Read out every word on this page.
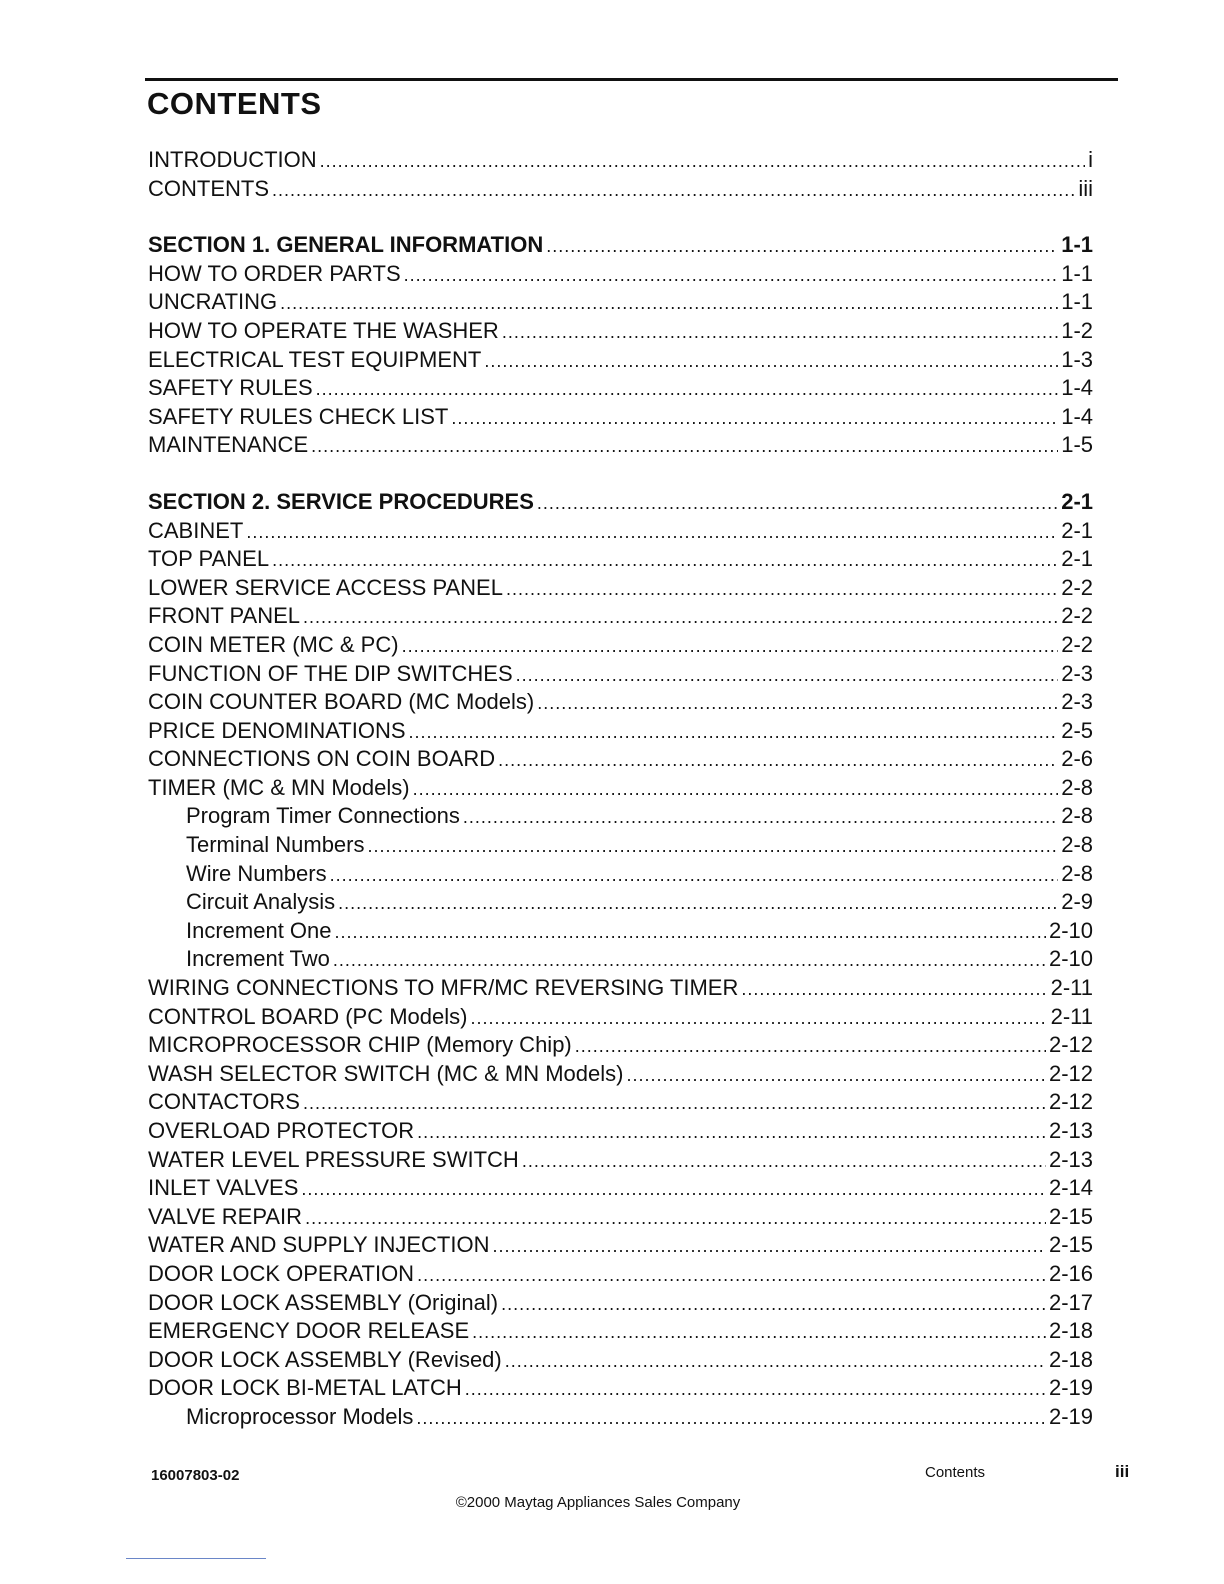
CONTENTS
INTRODUCTION . . .	i
CONTENTS . . .	iii
SECTION 1. GENERAL INFORMATION . . .	1-1
HOW TO ORDER PARTS . . .	1-1
UNCRATING . . .	1-1
HOW TO OPERATE THE WASHER . . .	1-2
ELECTRICAL TEST EQUIPMENT . . .	1-3
SAFETY RULES . . .	1-4
SAFETY RULES CHECK LIST . . .	1-4
MAINTENANCE . . .	1-5
SECTION 2. SERVICE PROCEDURES . . .	2-1
CABINET . . .	2-1
TOP PANEL . . .	2-1
LOWER SERVICE ACCESS PANEL . . .	2-2
FRONT PANEL . . .	2-2
COIN METER (MC & PC) . . .	2-2
FUNCTION OF THE DIP SWITCHES . . .	2-3
COIN COUNTER BOARD (MC Models) . . .	2-3
PRICE DENOMINATIONS . . .	2-5
CONNECTIONS ON COIN BOARD . . .	2-6
TIMER (MC & MN Models) . . .	2-8
Program Timer Connections . . .	2-8
Terminal Numbers . . .	2-8
Wire Numbers . . .	2-8
Circuit Analysis . . .	2-9
Increment One . . .	2-10
Increment Two . . .	2-10
WIRING CONNECTIONS TO MFR/MC REVERSING TIMER . . .	2-11
CONTROL BOARD (PC Models) . . .	2-11
MICROPROCESSOR CHIP (Memory Chip) . . .	2-12
WASH SELECTOR SWITCH (MC & MN Models) . . .	2-12
CONTACTORS . . .	2-12
OVERLOAD PROTECTOR . . .	2-13
WATER LEVEL PRESSURE SWITCH . . .	2-13
INLET VALVES . . .	2-14
VALVE REPAIR . . .	2-15
WATER AND SUPPLY INJECTION . . .	2-15
DOOR LOCK OPERATION . . .	2-16
DOOR LOCK ASSEMBLY (Original) . . .	2-17
EMERGENCY DOOR RELEASE . . .	2-18
DOOR LOCK ASSEMBLY (Revised) . . .	2-18
DOOR LOCK BI-METAL LATCH . . .	2-19
Microprocessor Models . . .	2-19
16007803-02	Contents	iii
©2000 Maytag Appliances Sales Company
